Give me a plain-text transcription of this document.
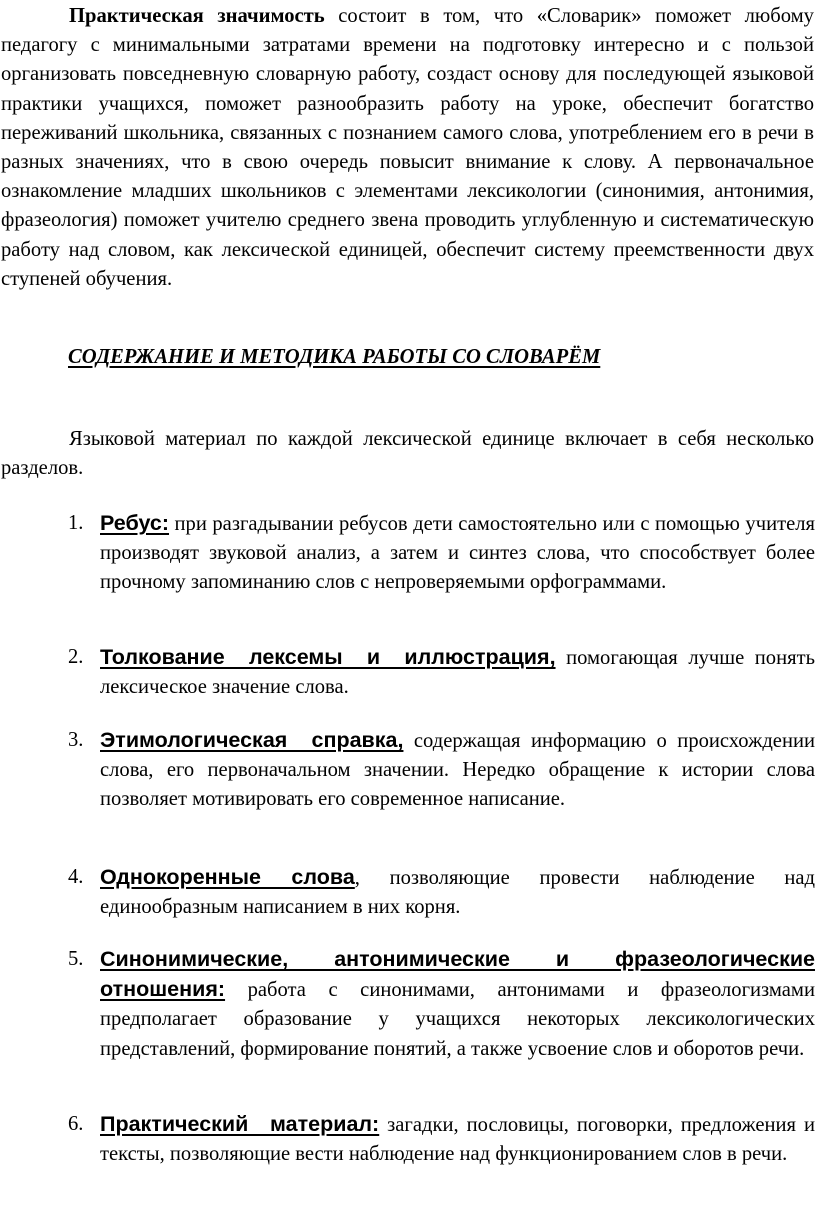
Практическая значимость состоит в том, что «Словарик» поможет любому педагогу с минимальными затратами времени на подготовку интересно и с пользой организовать повседневную словарную работу, создаст основу для последующей языковой практики учащихся, поможет разнообразить работу на уроке, обеспечит богатство переживаний школьника, связанных с познанием самого слова, употреблением его в речи в разных значениях, что в свою очередь повысит внимание к слову. А первоначальное ознакомление младших школьников с элементами лексикологии (синонимия, антонимия, фразеология) поможет учителю среднего звена проводить углубленную и систематическую работу над словом, как лексической единицей, обеспечит систему преемственности двух ступеней обучения.

СОДЕРЖАНИЕ И МЕТОДИКА РАБОТЫ СО СЛОВАРЁМ

Языковой материал по каждой лексической единице включает в себя несколько разделов.

1. Ребус: при разгадывании ребусов дети самостоятельно или с помощью учителя производят звуковой анализ, а затем и синтез слова, что способствует более прочному запоминанию слов с непроверяемыми орфограммами.

2. Толкование лексемы и иллюстрация, помогающая лучше понять лексическое значение слова.

3. Этимологическая справка, содержащая информацию о происхождении слова, его первоначальном значении. Нередко обращение к истории слова позволяет мотивировать его современное написание.

4. Однокоренные слова, позволяющие провести наблюдение над единообразным написанием в них корня.

5. Синонимические, антонимические и фразеологические отношения: работа с синонимами, антонимами и фразеологизмами предполагает образование у учащихся некоторых лексикологических представлений, формирование понятий, а также усвоение слов и оборотов речи.

6. Практический материал: загадки, пословицы, поговорки, предложения и тексты, позволяющие вести наблюдение над функционированием слов в речи.
